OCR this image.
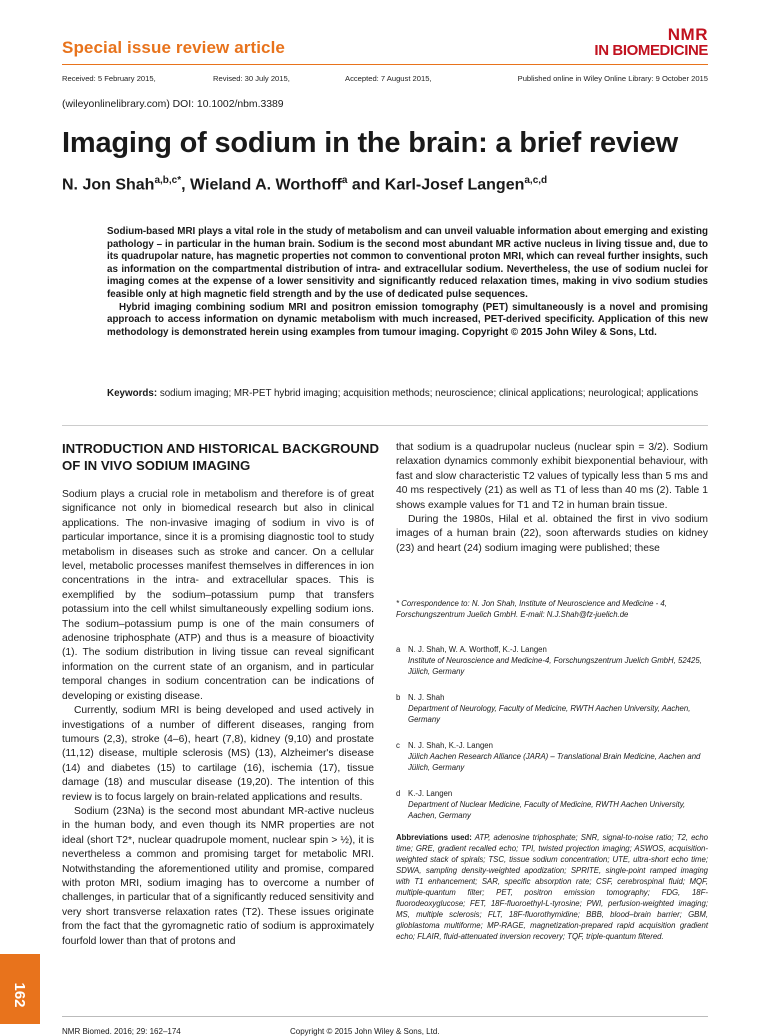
Special issue review article
NMR
IN BIOMEDICINE
Received: 5 February 2015,	Revised: 30 July 2015,	Accepted: 7 August 2015,	Published online in Wiley Online Library: 9 October 2015
(wileyonlinelibrary.com) DOI: 10.1002/nbm.3389
Imaging of sodium in the brain: a brief review
N. Jon Shah$^{a,b,c*}$, Wieland A. Worthoff$^a$ and Karl-Josef Langen$^{a,c,d}$

Sodium-based MRI plays a vital role in the study of metabolism and can unveil valuable information about emerging and existing pathology – in particular in the human brain. Sodium is the second most abundant MR active nucleus in living tissue and, due to its quadrupolar nature, has magnetic properties not common to conventional proton MRI, which can reveal further insights, such as information on the compartmental distribution of intra- and extracellular sodium. Nevertheless, the use of sodium nuclei for imaging comes at the expense of a lower sensitivity and significantly reduced relaxation times, making in vivo sodium studies feasible only at high magnetic field strength and by the use of dedicated pulse sequences.

Hybrid imaging combining sodium MRI and positron emission tomography (PET) simultaneously is a novel and promising approach to access information on dynamic metabolism with much increased, PET-derived specificity. Application of this new methodology is demonstrated herein using examples from tumour imaging. Copyright © 2015 John Wiley & Sons, Ltd.

Keywords: sodium imaging; MR-PET hybrid imaging; acquisition methods; neuroscience; clinical applications; neurological; applications
INTRODUCTION AND HISTORICAL BACKGROUND OF IN VIVO SODIUM IMAGING

Sodium plays a crucial role in metabolism and therefore is of great significance not only in biomedical research but also in clinical applications. The non-invasive imaging of sodium in vivo is of particular importance, since it is a promising diagnostic tool to study metabolism in diseases such as stroke and cancer. On a cellular level, metabolic processes manifest themselves in differences in ion concentrations in the intra- and extracellular spaces. This is exemplified by the sodium–potassium pump that transfers potassium into the cell whilst simultaneously expelling sodium ions. The sodium–potassium pump is one of the main consumers of adenosine triphosphate (ATP) and thus is a measure of bioactivity (1). The sodium distribution in living tissue can reveal significant information on the current state of an organism, and in particular temporal changes in sodium concentration can be indications of developing or existing disease.

Currently, sodium MRI is being developed and used actively in investigations of a number of different diseases, ranging from tumours (2,3), stroke (4–6), heart (7,8), kidney (9,10) and prostate (11,12) disease, multiple sclerosis (MS) (13), Alzheimer's disease (14) and diabetes (15) to cartilage (16), ischemia (17), tissue damage (18) and muscular disease (19,20). The intention of this review is to focus largely on brain-related applications and results.

Sodium (23Na) is the second most abundant MR-active nucleus in the human body, and even though its NMR properties are not ideal (short T2*, nuclear quadrupole moment, nuclear spin > ½), it is nevertheless a common and promising target for metabolic MRI. Notwithstanding the aforementioned utility and promise, compared with proton MRI, sodium imaging has to overcome a number of challenges, in particular that of a significantly reduced sensitivity and very short transverse relaxation rates (T2). These issues originate from the fact that the gyromagnetic ratio of sodium is approximately fourfold lower than that of protons and

that sodium is a quadrupolar nucleus (nuclear spin = 3/2). Sodium relaxation dynamics commonly exhibit biexponential behaviour, with fast and slow characteristic T2 values of typically less than 5 ms and 40 ms respectively (21) as well as T1 of less than 40 ms (2). Table 1 shows example values for T1 and T2 in human brain tissue.

During the 1980s, Hilal et al. obtained the first in vivo sodium images of a human brain (22), soon afterwards studies on kidney (23) and heart (24) sodium imaging were published; these

* Correspondence to: N. Jon Shah, Institute of Neuroscience and Medicine - 4, Forschungszentrum Juelich GmbH. E-mail: N.J.Shah@fz-juelich.de
a N. J. Shah, W. A. Worthoff, K.-J. Langen
Institute of Neuroscience and Medicine-4, Forschungszentrum Juelich GmbH, 52425, Jülich, Germany
b N. J. Shah
Department of Neurology, Faculty of Medicine, RWTH Aachen University, Aachen, Germany
c N. J. Shah, K.-J. Langen
Jülich Aachen Research Alliance (JARA) – Translational Brain Medicine, Aachen and Jülich, Germany
d K.-J. Langen
Department of Nuclear Medicine, Faculty of Medicine, RWTH Aachen University, Aachen, Germany
Abbreviations used: ATP, adenosine triphosphate; SNR, signal-to-noise ratio; T2, echo time; GRE, gradient recalled echo; TPI, twisted projection imaging; ASWOS, acquisition-weighted stack of spirals; TSC, tissue sodium concentration; UTE, ultra-short echo time; SDWA, sampling density-weighted apodization; SPRITE, single-point ramped imaging with T1 enhancement; SAR, specific absorption rate; CSF, cerebrospinal fluid; MQF, multiple-quantum filter; PET, positron emission tomography; FDG, 18F-fluorodeoxyglucose; FET, 18F-fluoroethyl-L-tyrosine; PWI, perfusion-weighted imaging; MS, multiple sclerosis; FLT, 18F-fluorothymidine; BBB, blood–brain barrier; GBM, glioblastoma multiforme; MP-RAGE, magnetization-prepared rapid acquisition gradient echo; FLAIR, fluid-attenuated inversion recovery; TQF, triple-quantum filtered.
162
NMR Biomed. 2016; 29: 162–174	Copyright © 2015 John Wiley & Sons, Ltd.
